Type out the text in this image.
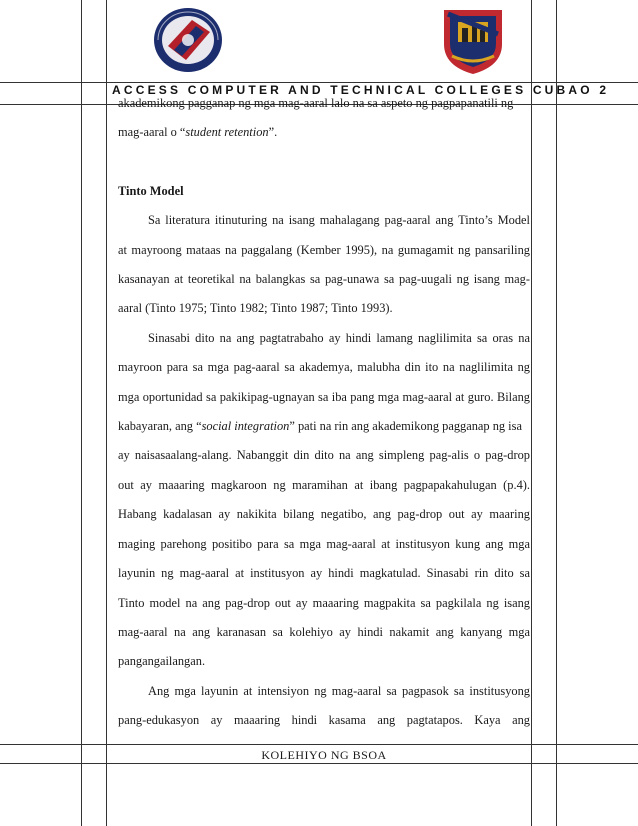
ACCESS COMPUTER AND TECHNICAL COLLEGES CUBAO 2
akademikong pagganap ng mga mag-aaral lalo na sa aspeto ng pagpapanatili ng
mag-aaral o “student retention”.

Tinto Model
Sa literatura itinuturing na isang mahalagang pag-aaral ang Tinto’s Model
at mayroong mataas na paggalang (Kember 1995), na gumagamit ng pansariling
kasanayan at teoretikal na balangkas sa pag-unawa sa pag-uugali ng isang mag-
aaral (Tinto 1975; Tinto 1982; Tinto 1987; Tinto 1993).
Sinasabi dito na ang pagtatrabaho ay hindi lamang naglilimita sa oras na
mayroon para sa mga pag-aaral sa akademya, malubha din ito na naglilimita ng
mga oportunidad sa pakikipag-ugnayan sa iba pang mga mag-aaral at guro. Bilang
kabayaran, ang “social integration” pati na rin ang akademikong pagganap ng isa
ay naisasaalang-alang. Nabanggit din dito na ang simpleng pag-alis o pag-drop
out ay maaaring magkaroon ng maramihan at ibang pagpapakahulugan (p.4).
Habang kadalasan ay nakikita bilang negatibo, ang pag-drop out ay maaring
maging parehong positibo para sa mga mag-aaral at institusyon kung ang mga
layunin ng mag-aaral at institusyon ay hindi magkatulad. Sinasabi rin dito sa
Tinto model na ang pag-drop out ay maaaring magpakita sa pagkilala ng isang
mag-aaral na ang karanasan sa kolehiyo ay hindi nakamit ang kanyang mga
pangangailangan.
Ang mga layunin at intensiyon ng mag-aaral sa pagpasok sa institusyong
pang-edukasyon ay maaaring hindi kasama ang pagtatapos. Kaya ang
KOLEHIYO NG BSOA
